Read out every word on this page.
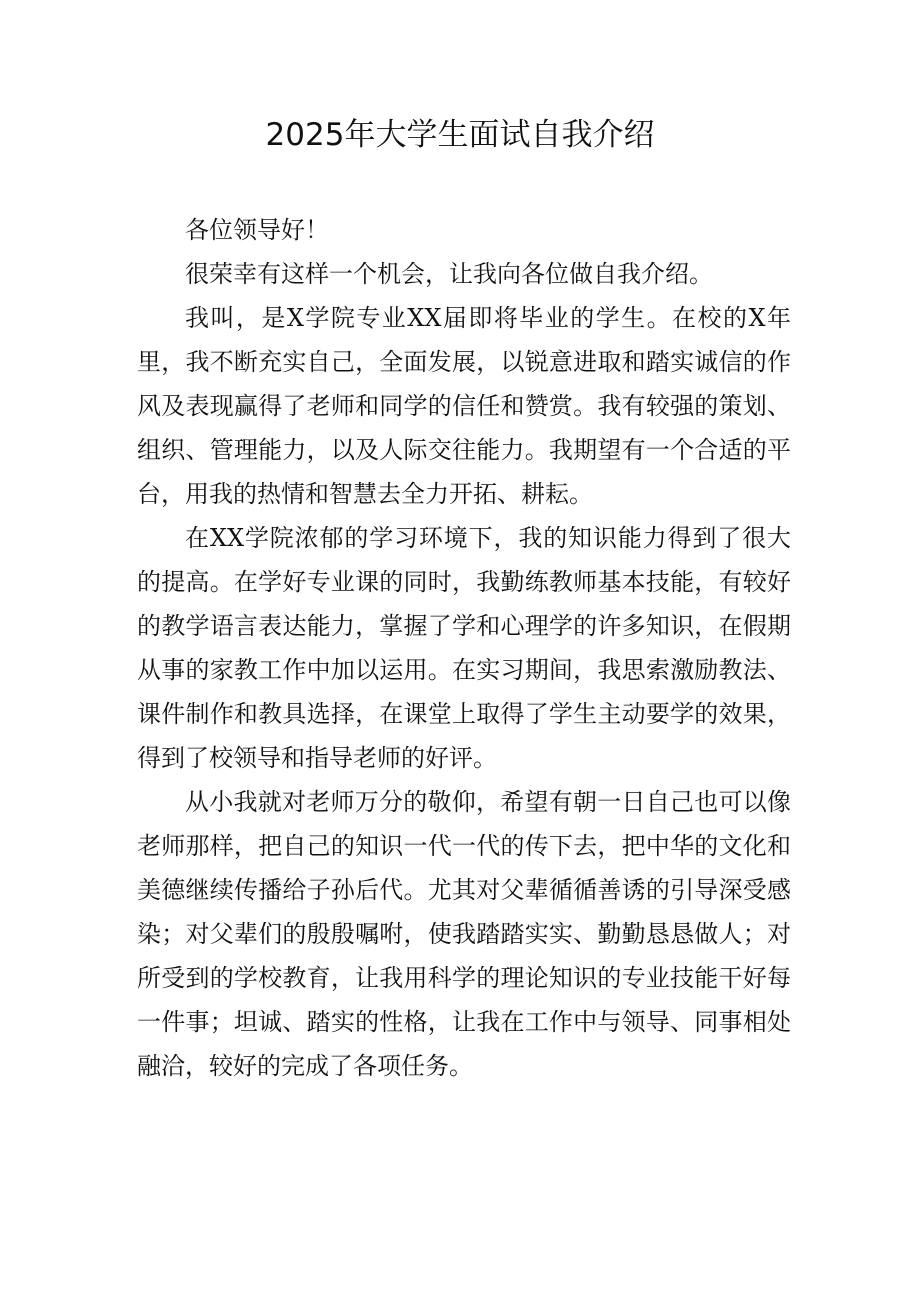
2025年大学生面试自我介绍

各位领导好！

很荣幸有这样一个机会，让我向各位做自我介绍。

我叫，是X学院专业XX届即将毕业的学生。在校的X年里，我不断充实自己，全面发展，以锐意进取和踏实诚信的作风及表现赢得了老师和同学的信任和赞赏。我有较强的策划、组织、管理能力，以及人际交往能力。我期望有一个合适的平台，用我的热情和智慧去全力开拓、耕耘。

在XX学院浓郁的学习环境下，我的知识能力得到了很大的提高。在学好专业课的同时，我勤练教师基本技能，有较好的教学语言表达能力，掌握了学和心理学的许多知识，在假期从事的家教工作中加以运用。在实习期间，我思索激励教法、课件制作和教具选择，在课堂上取得了学生主动要学的效果，得到了校领导和指导老师的好评。

从小我就对老师万分的敬仰，希望有朝一日自己也可以像老师那样，把自己的知识一代一代的传下去，把中华的文化和美德继续传播给子孙后代。尤其对父辈循循善诱的引导深受感染；对父辈们的殷殷嘱咐，使我踏踏实实、勤勤恳恳做人；对所受到的学校教育，让我用科学的理论知识的专业技能干好每一件事；坦诚、踏实的性格，让我在工作中与领导、同事相处融洽，较好的完成了各项任务。
